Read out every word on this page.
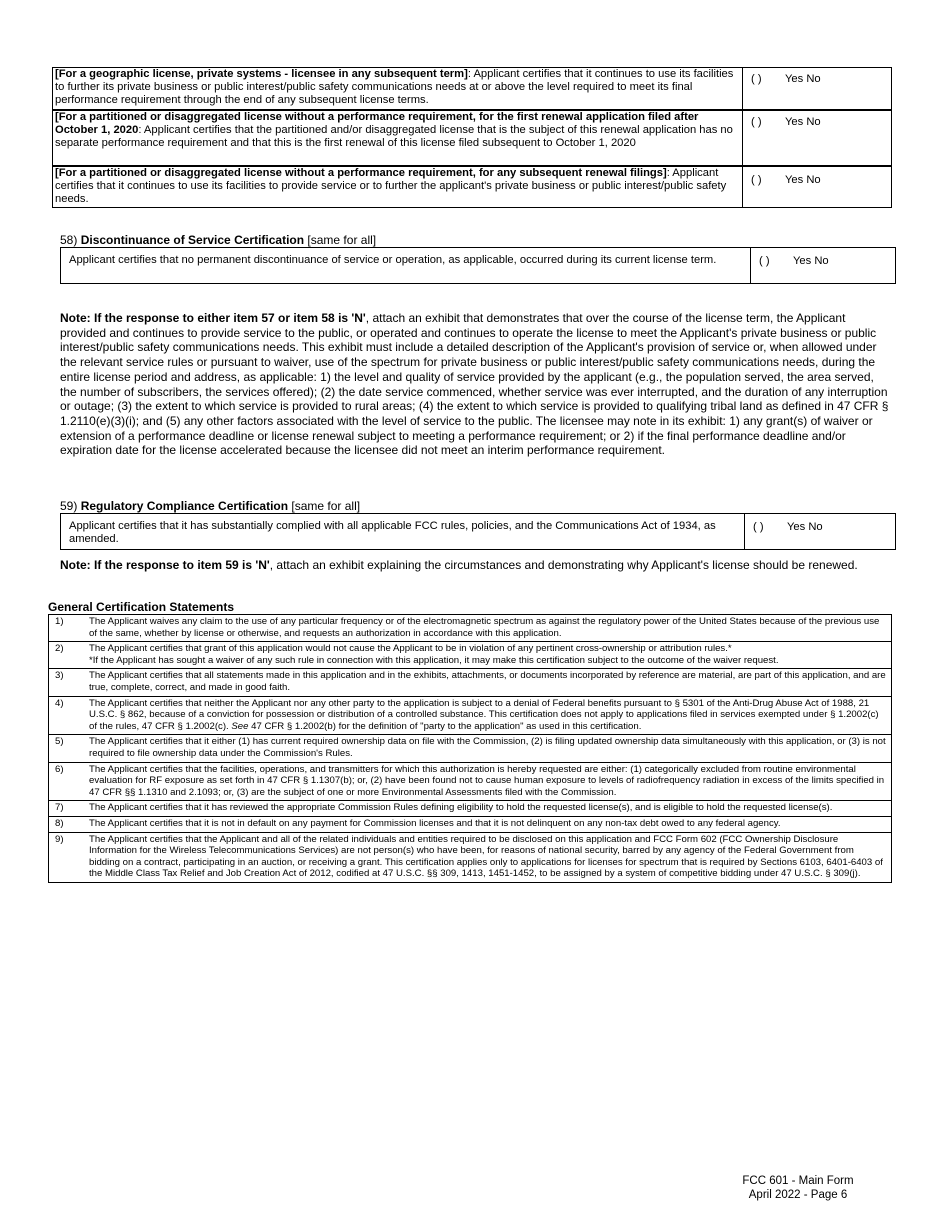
[For a geographic license, private systems - licensee in any subsequent term]: Applicant certifies that it continues to use its facilities to further its private business or public interest/public safety communications needs at or above the level required to meet its final performance requirement through the end of any subsequent license terms.	( ) Yes No
[For a partitioned or disaggregated license without a performance requirement, for the first renewal application filed after October 1, 2020: Applicant certifies that the partitioned and/or disaggregated license that is the subject of this renewal application has no separate performance requirement and that this is the first renewal of this license filed subsequent to October 1, 2020	( ) Yes No
[For a partitioned or disaggregated license without a performance requirement, for any subsequent renewal filings]: Applicant certifies that it continues to use its facilities to provide service or to further the applicant's private business or public interest/public safety needs.	( ) Yes No
58) Discontinuance of Service Certification [same for all]
Applicant certifies that no permanent discontinuance of service or operation, as applicable, occurred during its current license term.	( ) Yes No
Note: If the response to either item 57 or item 58 is 'N', attach an exhibit that demonstrates that over the course of the license term, the Applicant provided and continues to provide service to the public, or operated and continues to operate the license to meet the Applicant's private business or public interest/public safety communications needs. This exhibit must include a detailed description of the Applicant's provision of service or, when allowed under the relevant service rules or pursuant to waiver, use of the spectrum for private business or public interest/public safety communications needs, during the entire license period and address, as applicable: 1) the level and quality of service provided by the applicant (e.g., the population served, the area served, the number of subscribers, the services offered); (2) the date service commenced, whether service was ever interrupted, and the duration of any interruption or outage; (3) the extent to which service is provided to rural areas; (4) the extent to which service is provided to qualifying tribal land as defined in 47 CFR § 1.2110(e)(3)(i); and (5) any other factors associated with the level of service to the public. The licensee may note in its exhibit: 1) any grant(s) of waiver or extension of a performance deadline or license renewal subject to meeting a performance requirement; or 2) if the final performance deadline and/or expiration date for the license accelerated because the licensee did not meet an interim performance requirement.
59) Regulatory Compliance Certification [same for all]
Applicant certifies that it has substantially complied with all applicable FCC rules, policies, and the Communications Act of 1934, as amended.	( ) Yes No
Note: If the response to item 59 is 'N', attach an exhibit explaining the circumstances and demonstrating why Applicant's license should be renewed.
General Certification Statements
1)	The Applicant waives any claim to the use of any particular frequency or of the electromagnetic spectrum as against the regulatory power of the United States because of the previous use of the same, whether by license or otherwise, and requests an authorization in accordance with this application.
2)	The Applicant certifies that grant of this application would not cause the Applicant to be in violation of any pertinent cross-ownership or attribution rules.*
*If the Applicant has sought a waiver of any such rule in connection with this application, it may make this certification subject to the outcome of the waiver request.

3)	The Applicant certifies that all statements made in this application and in the exhibits, attachments, or documents incorporated by reference are material, are part of this application, and are true, complete, correct, and made in good faith.
4)	The Applicant certifies that neither the Applicant nor any other party to the application is subject to a denial of Federal benefits pursuant to § 5301 of the Anti-Drug Abuse Act of 1988, 21 U.S.C. § 862, because of a conviction for possession or distribution of a controlled substance. This certification does not apply to applications filed in services exempted under § 1.2002(c) of the rules, 47 CFR § 1.2002(c). See 47 CFR § 1.2002(b) for the definition of "party to the application" as used in this certification.
5)	The Applicant certifies that it either (1) has current required ownership data on file with the Commission, (2) is filing updated ownership data simultaneously with this application, or (3) is not required to file ownership data under the Commission's Rules.
6)	The Applicant certifies that the facilities, operations, and transmitters for which this authorization is hereby requested are either: (1) categorically excluded from routine environmental evaluation for RF exposure as set forth in 47 CFR § 1.1307(b); or, (2) have been found not to cause human exposure to levels of radiofrequency radiation in excess of the limits specified in 47 CFR §§ 1.1310 and 2.1093; or, (3) are the subject of one or more Environmental Assessments filed with the Commission.
7)	The Applicant certifies that it has reviewed the appropriate Commission Rules defining eligibility to hold the requested license(s), and is eligible to hold the requested license(s).
8)	The Applicant certifies that it is not in default on any payment for Commission licenses and that it is not delinquent on any non-tax debt owed to any federal agency.
9)	The Applicant certifies that the Applicant and all of the related individuals and entities required to be disclosed on this application and FCC Form 602 (FCC Ownership Disclosure Information for the Wireless Telecommunications Services) are not person(s) who have been, for reasons of national security, barred by any agency of the Federal Government from bidding on a contract, participating in an auction, or receiving a grant. This certification applies only to applications for licenses for spectrum that is required by Sections 6103, 6401-6403 of the Middle Class Tax Relief and Job Creation Act of 2012, codified at 47 U.S.C. §§ 309, 1413, 1451-1452, to be assigned by a system of competitive bidding under 47 U.S.C. § 309(j).
FCC 601 - Main Form
April 2022 - Page 6
